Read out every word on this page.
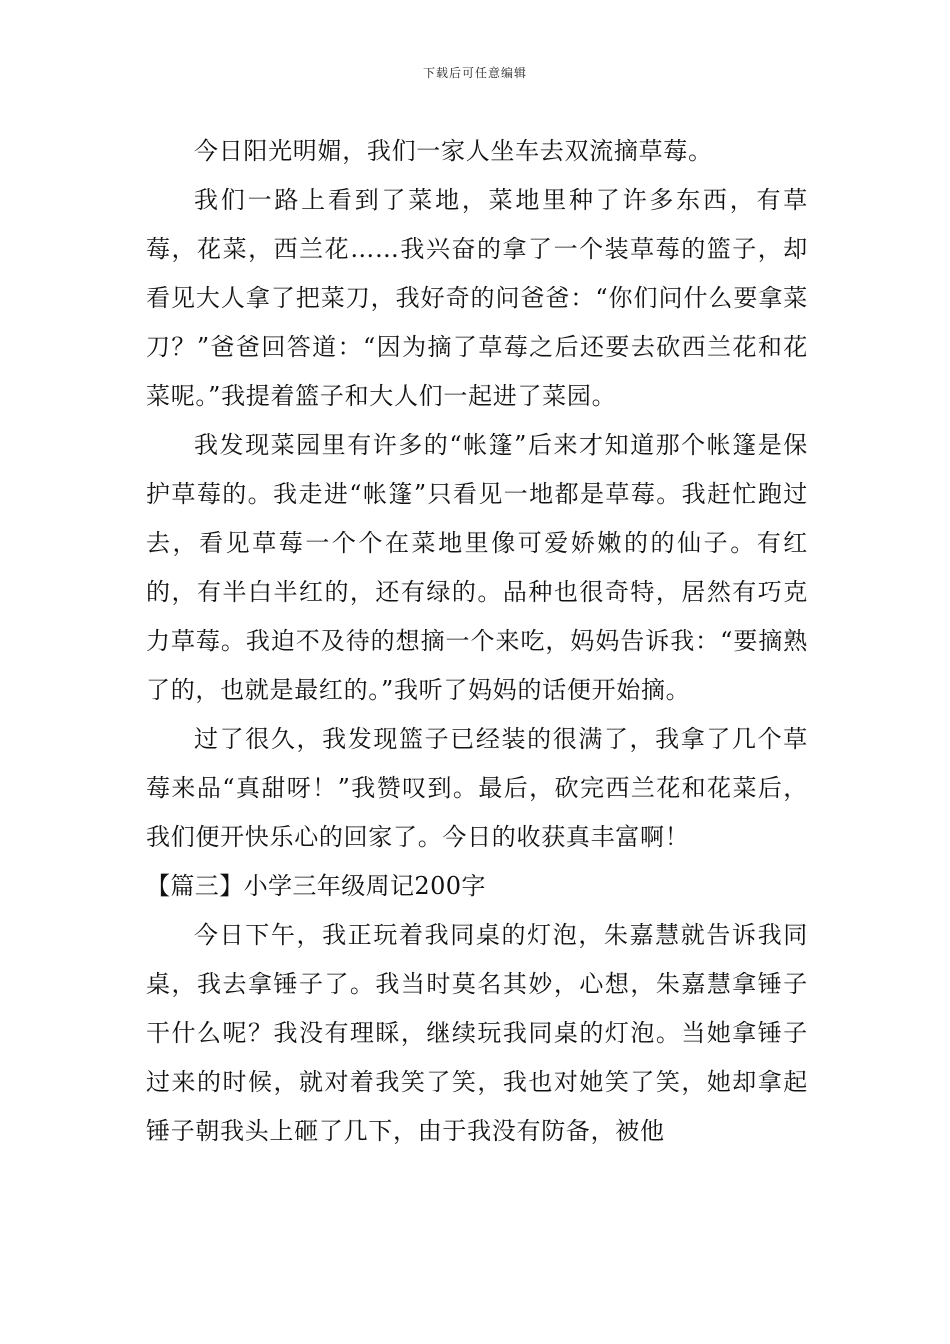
下载后可任意编辑

今日阳光明媚，我们一家人坐车去双流摘草莓。

我们一路上看到了菜地，菜地里种了许多东西，有草莓，花菜，西兰花……我兴奋的拿了一个装草莓的篮子，却看见大人拿了把菜刀，我好奇的问爸爸：“你们问什么要拿菜刀？”爸爸回答道：“因为摘了草莓之后还要去砍西兰花和花菜呢。”我提着篮子和大人们一起进了菜园。

我发现菜园里有许多的“帐篷”后来才知道那个帐篷是保护草莓的。我走进“帐篷”只看见一地都是草莓。我赶忙跑过去，看见草莓一个个在菜地里像可爱娇嫩的的仙子。有红的，有半白半红的，还有绿的。品种也很奇特，居然有巧克力草莓。我迫不及待的想摘一个来吃，妈妈告诉我：“要摘熟了的，也就是最红的。”我听了妈妈的话便开始摘。

过了很久，我发现篮子已经装的很满了，我拿了几个草莓来品“真甜呀！”我赞叹到。最后，砍完西兰花和花菜后，我们便开快乐心的回家了。今日的收获真丰富啊！

【篇三】小学三年级周记200字

今日下午，我正玩着我同桌的灯泡，朱嘉慧就告诉我同桌，我去拿锤子了。我当时莫名其妙，心想，朱嘉慧拿锤子干什么呢？我没有理睬，继续玩我同桌的灯泡。当她拿锤子过来的时候，就对着我笑了笑，我也对她笑了笑，她却拿起锤子朝我头上砸了几下，由于我没有防备，被他
